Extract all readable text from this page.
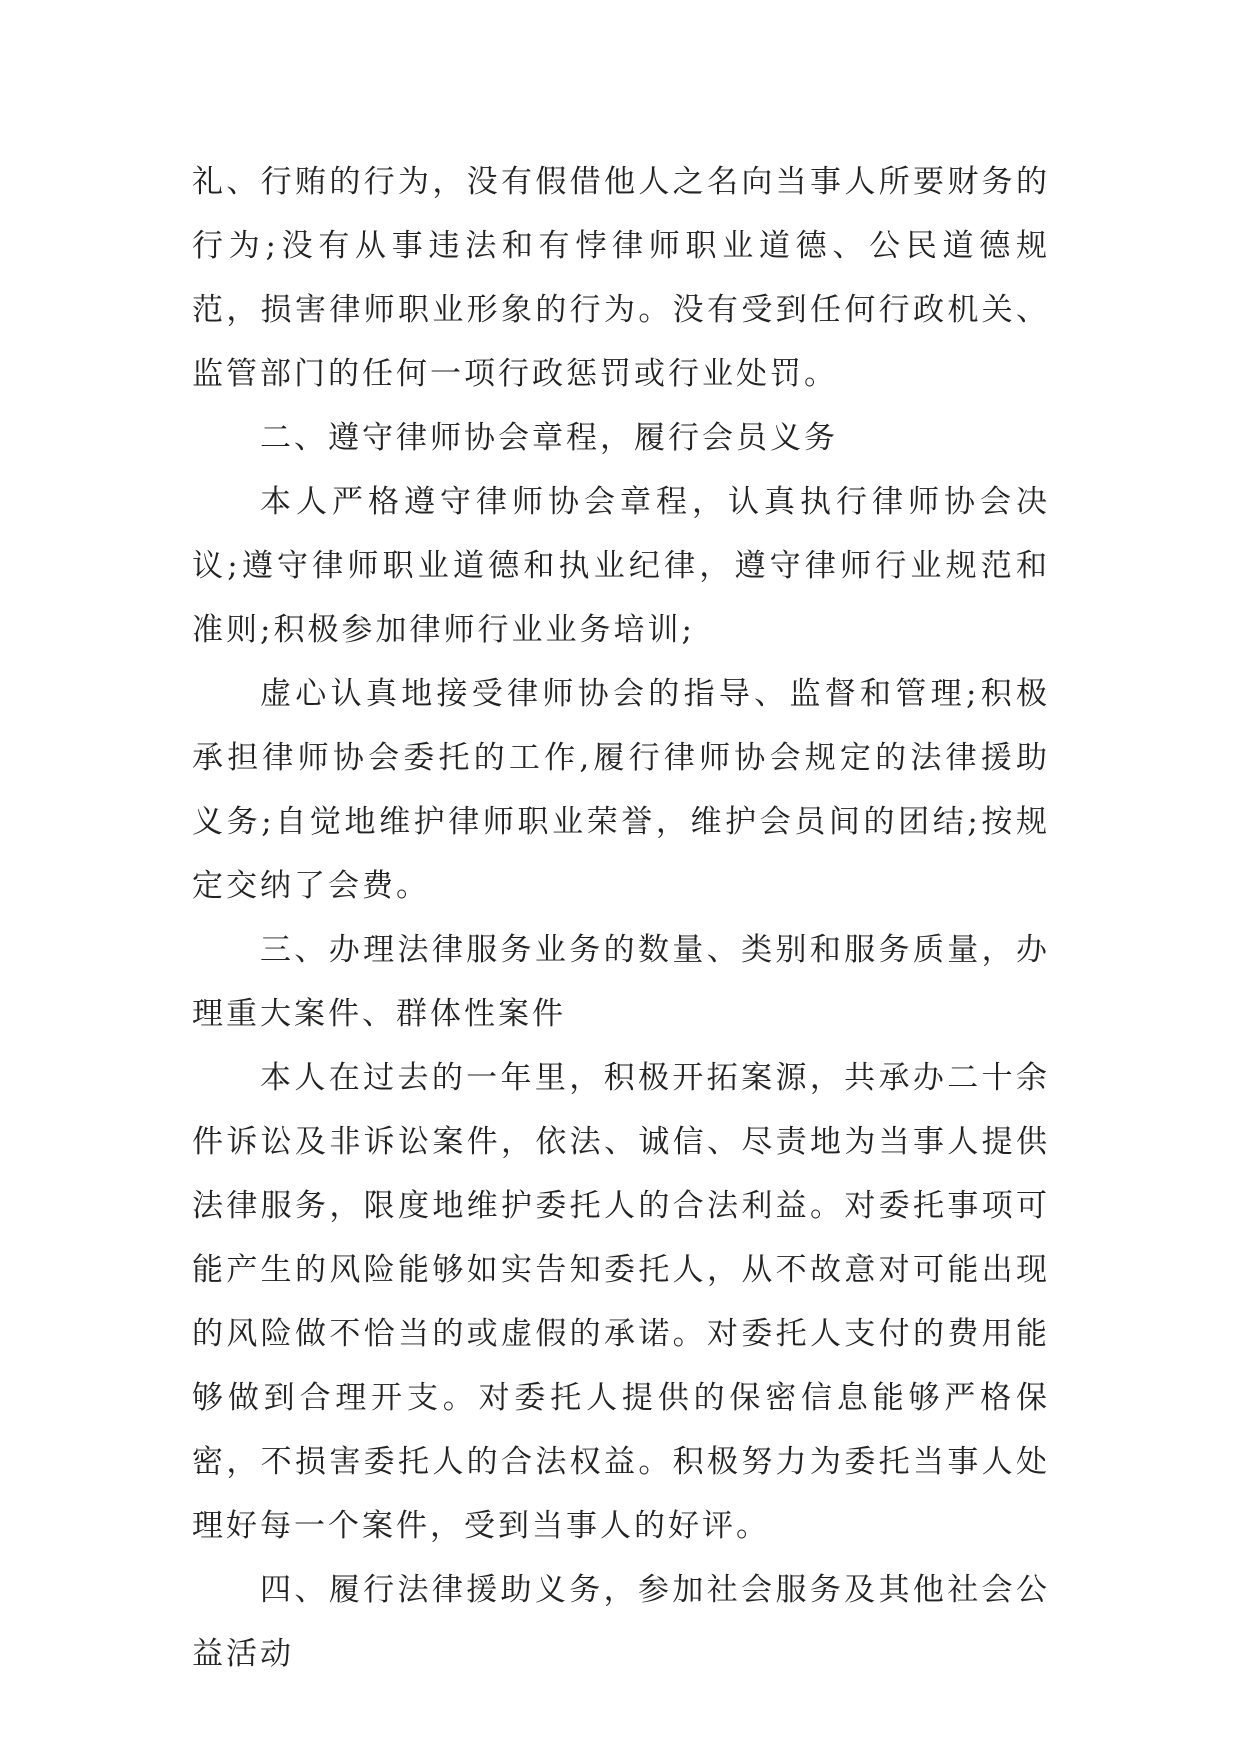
礼、行贿的行为，没有假借他人之名向当事人所要财务的行为;没有从事违法和有悖律师职业道德、公民道德规范，损害律师职业形象的行为。没有受到任何行政机关、监管部门的任何一项行政惩罚或行业处罚。

二、遵守律师协会章程，履行会员义务

本人严格遵守律师协会章程，认真执行律师协会决议;遵守律师职业道德和执业纪律，遵守律师行业规范和准则;积极参加律师行业业务培训;

虚心认真地接受律师协会的指导、监督和管理;积极承担律师协会委托的工作,履行律师协会规定的法律援助义务;自觉地维护律师职业荣誉，维护会员间的团结;按规定交纳了会费。

三、办理法律服务业务的数量、类别和服务质量，办理重大案件、群体性案件

本人在过去的一年里，积极开拓案源，共承办二十余件诉讼及非诉讼案件，依法、诚信、尽责地为当事人提供法律服务，限度地维护委托人的合法利益。对委托事项可能产生的风险能够如实告知委托人，从不故意对可能出现的风险做不恰当的或虚假的承诺。对委托人支付的费用能够做到合理开支。对委托人提供的保密信息能够严格保密，不损害委托人的合法权益。积极努力为委托当事人处理好每一个案件，受到当事人的好评。

四、履行法律援助义务，参加社会服务及其他社会公益活动
